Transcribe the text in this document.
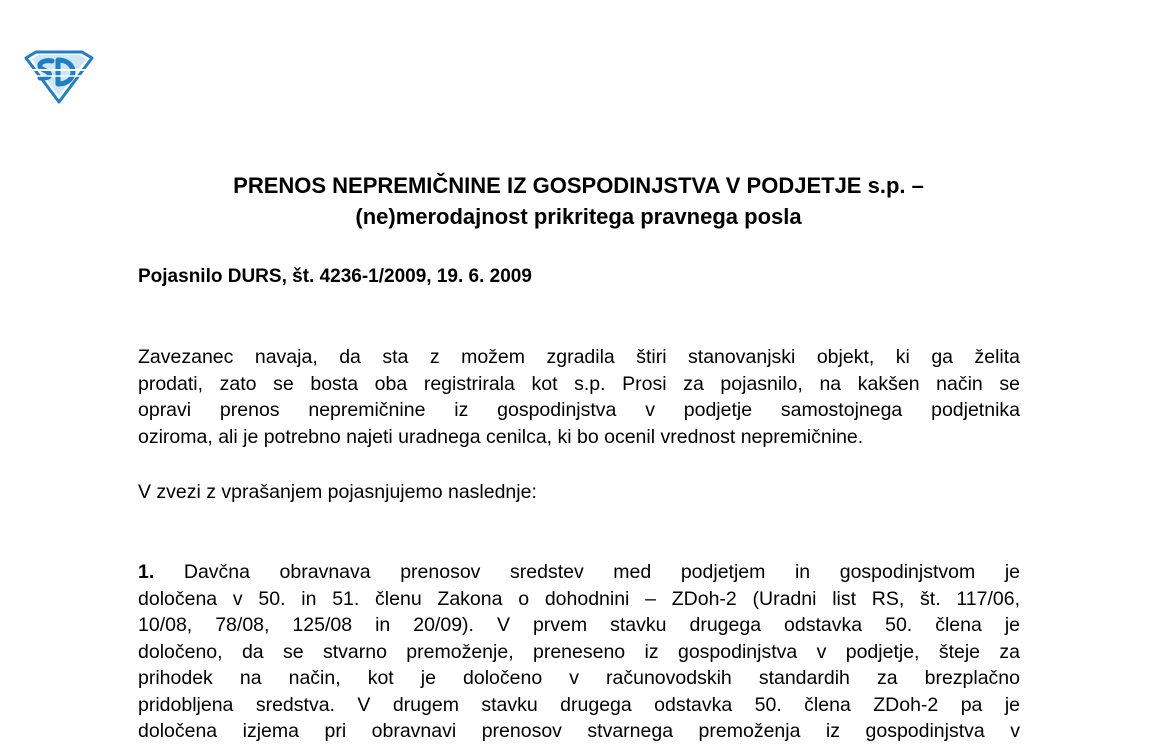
PRENOS NEPREMIČNINE IZ GOSPODINJSTVA V PODJETJE s.p. –
(ne)merodajnost prikritega pravnega posla

Pojasnilo DURS, št. 4236-1/2009, 19. 6. 2009

Zavezanec navaja, da sta z možem zgradila štiri stanovanjski objekt, ki ga želita
prodati, zato se bosta oba registrirala kot s.p. Prosi za pojasnilo, na kakšen način se
opravi prenos nepremičnine iz gospodinjstva v podjetje samostojnega podjetnika
oziroma, ali je potrebno najeti uradnega cenilca, ki bo ocenil vrednost nepremičnine.
V zvezi z vprašanjem pojasnjujemo naslednje:
1. Davčna obravnava prenosov sredstev med podjetjem in gospodinjstvom je
določena v 50. in 51. členu Zakona o dohodnini – ZDoh-2 (Uradni list RS, št. 117/06,
10/08, 78/08, 125/08 in 20/09). V prvem stavku drugega odstavka 50. člena je
določeno, da se stvarno premoženje, preneseno iz gospodinjstva v podjetje, šteje za
prihodek na način, kot je določeno v računovodskih standardih za brezplačno
pridobljena sredstva. V drugem stavku drugega odstavka 50. člena ZDoh-2 pa je
določena izjema pri obravnavi prenosov stvarnega premoženja iz gospodinjstva v
